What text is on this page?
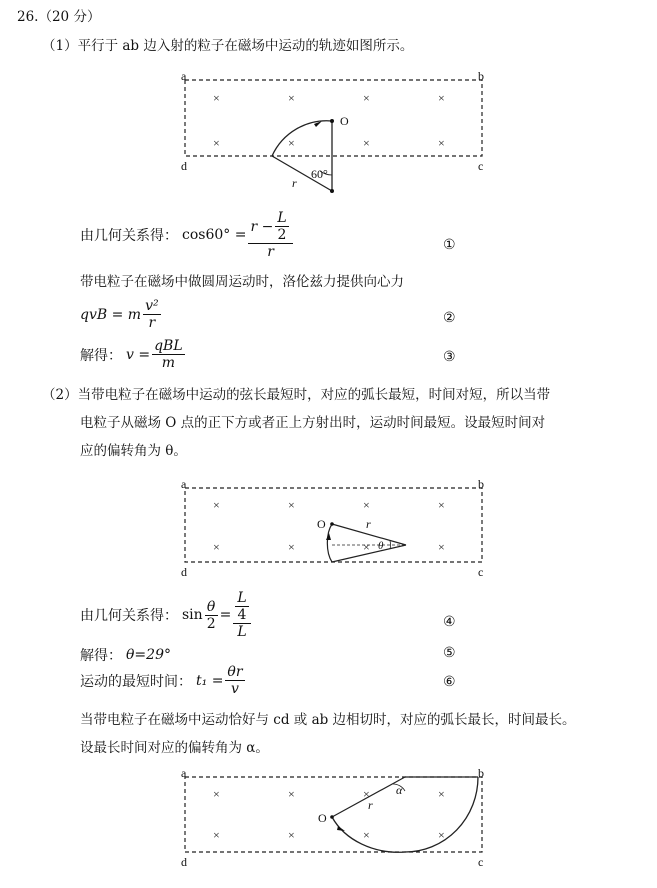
26.（20 分）
（1）平行于 ab 边入射的粒子在磁场中运动的轨迹如图所示。
a	b
d	c
O
r
60°
×	×	×	×
×	×	×	×
由几何关系得： $\cos 60^\circ = \frac{r - \frac{L}{2}}{r}$	①
带电粒子在磁场中做圆周运动时，洛伦兹力提供向心力
qvB = m $\frac{\text{v²}}{r}$	②
解得： $v = \frac{\text{qBL}}{m}$	③
（2）当带电粒子在磁场中运动的弦长最短时，对应的弧长最短，时间对短，所以当带
电粒子从磁场 O 点的正下方或者正上方射出时，运动时间最短。设最短时间对
应的偏转角为 θ。
a	b
d	c
O	r
θ
×	×	×	×
×	×	×	×
由几何关系得： $\sin \frac{\theta}{2} = L$
4
L	④
解得： θ=29°	⑤
运动的最短时间： $t_1 = \frac{\theta r}{v}$	⑥
当带电粒子在磁场中运动恰好与 cd 或 ab 边相切时，对应的弧长最长，时间最长。
设最长时间对应的偏转角为 α。
a	b
d	c
O
r
α
×	×	×	×
×	×	×	×
